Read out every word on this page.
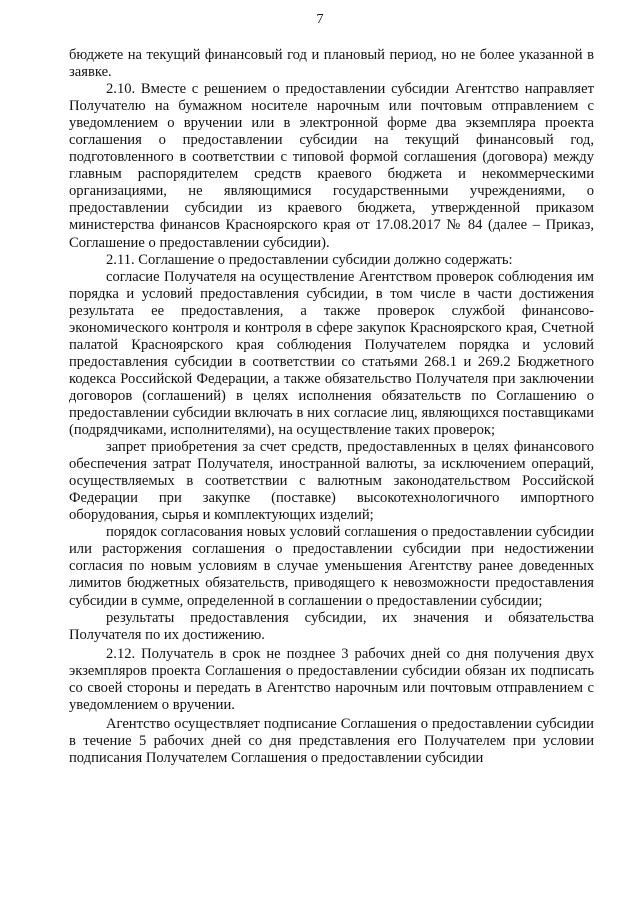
7

бюджете на текущий финансовый год и плановый период, но не более указанной в заявке.

2.10. Вместе с решением о предоставлении субсидии Агентство направляет Получателю на бумажном носителе нарочным или почтовым отправлением с уведомлением о вручении или в электронной форме два экземпляра проекта соглашения о предоставлении субсидии на текущий финансовый год, подготовленного в соответствии с типовой формой соглашения (договора) между главным распорядителем средств краевого бюджета и некоммерческими организациями, не являющимися государственными учреждениями, о предоставлении субсидии из краевого бюджета, утвержденной приказом министерства финансов Красноярского края от 17.08.2017 № 84 (далее – Приказ, Соглашение о предоставлении субсидии).

2.11. Соглашение о предоставлении субсидии должно содержать:

согласие Получателя на осуществление Агентством проверок соблюдения им порядка и условий предоставления субсидии, в том числе в части достижения результата ее предоставления, а также проверок службой финансово-экономического контроля и контроля в сфере закупок Красноярского края, Счетной палатой Красноярского края соблюдения Получателем порядка и условий предоставления субсидии в соответствии со статьями 268.1 и 269.2 Бюджетного кодекса Российской Федерации, а также обязательство Получателя при заключении договоров (соглашений) в целях исполнения обязательств по Соглашению о предоставлении субсидии включать в них согласие лиц, являющихся поставщиками (подрядчиками, исполнителями), на осуществление таких проверок;

запрет приобретения за счет средств, предоставленных в целях финансового обеспечения затрат Получателя, иностранной валюты, за исключением операций, осуществляемых в соответствии с валютным законодательством Российской Федерации при закупке (поставке) высокотехнологичного импортного оборудования, сырья и комплектующих изделий;

порядок согласования новых условий соглашения о предоставлении субсидии или расторжения соглашения о предоставлении субсидии при недостижении согласия по новым условиям в случае уменьшения Агентству ранее доведенных лимитов бюджетных обязательств, приводящего к невозможности предоставления субсидии в сумме, определенной в соглашении о предоставлении субсидии;

результаты предоставления субсидии, их значения и обязательства Получателя по их достижению.

2.12. Получатель в срок не позднее 3 рабочих дней со дня получения двух экземпляров проекта Соглашения о предоставлении субсидии обязан их подписать со своей стороны и передать в Агентство нарочным или почтовым отправлением с уведомлением о вручении.

Агентство осуществляет подписание Соглашения о предоставлении субсидии в течение 5 рабочих дней со дня представления его Получателем при условии подписания Получателем Соглашения о предоставлении субсидии
